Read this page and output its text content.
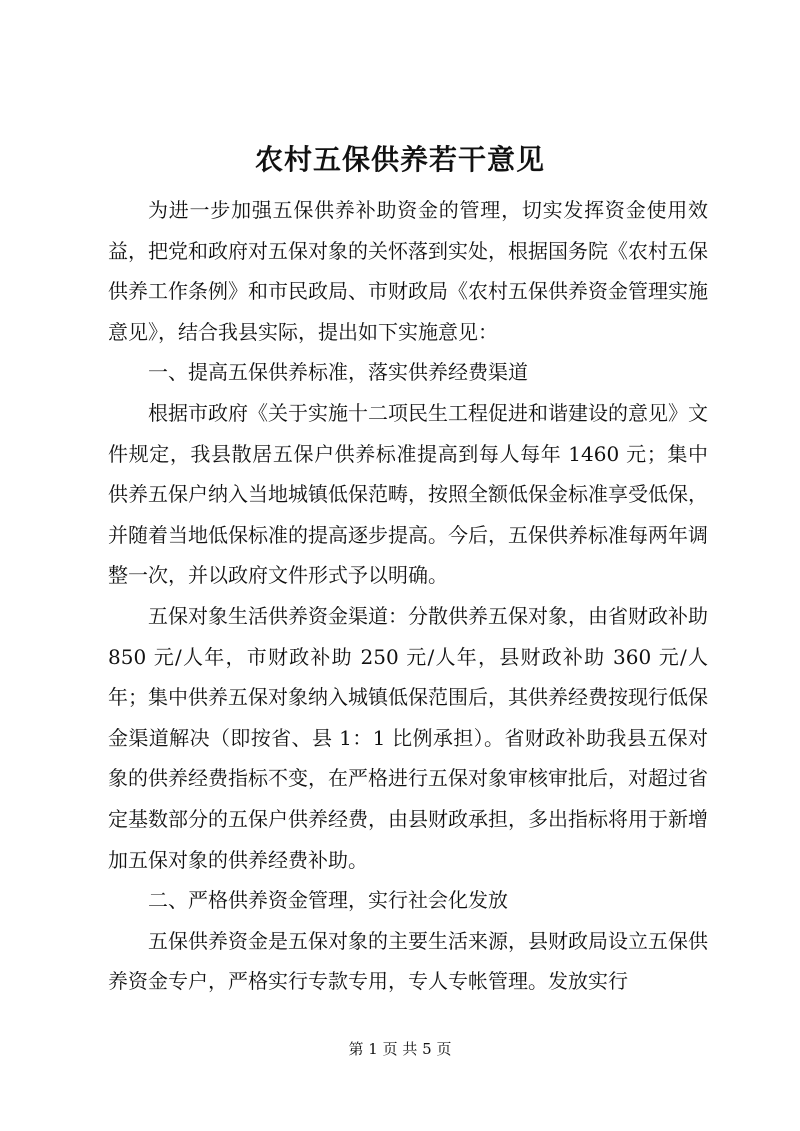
农村五保供养若干意见

为进一步加强五保供养补助资金的管理，切实发挥资金使用效益，把党和政府对五保对象的关怀落到实处，根据国务院《农村五保供养工作条例》和市民政局、市财政局《农村五保供养资金管理实施意见》，结合我县实际，提出如下实施意见：

一、提高五保供养标准，落实供养经费渠道

根据市政府《关于实施十二项民生工程促进和谐建设的意见》文件规定，我县散居五保户供养标准提高到每人每年 1460 元；集中供养五保户纳入当地城镇低保范畴，按照全额低保金标准享受低保，并随着当地低保标准的提高逐步提高。今后，五保供养标准每两年调整一次，并以政府文件形式予以明确。

五保对象生活供养资金渠道：分散供养五保对象，由省财政补助 850 元/人年，市财政补助 250 元/人年，县财政补助 360 元/人年；集中供养五保对象纳入城镇低保范围后，其供养经费按现行低保金渠道解决（即按省、县 1：1 比例承担）。省财政补助我县五保对象的供养经费指标不变，在严格进行五保对象审核审批后，对超过省定基数部分的五保户供养经费，由县财政承担，多出指标将用于新增加五保对象的供养经费补助。

二、严格供养资金管理，实行社会化发放

五保供养资金是五保对象的主要生活来源，县财政局设立五保供养资金专户，严格实行专款专用，专人专帐管理。发放实行

第 1 页 共 5 页
